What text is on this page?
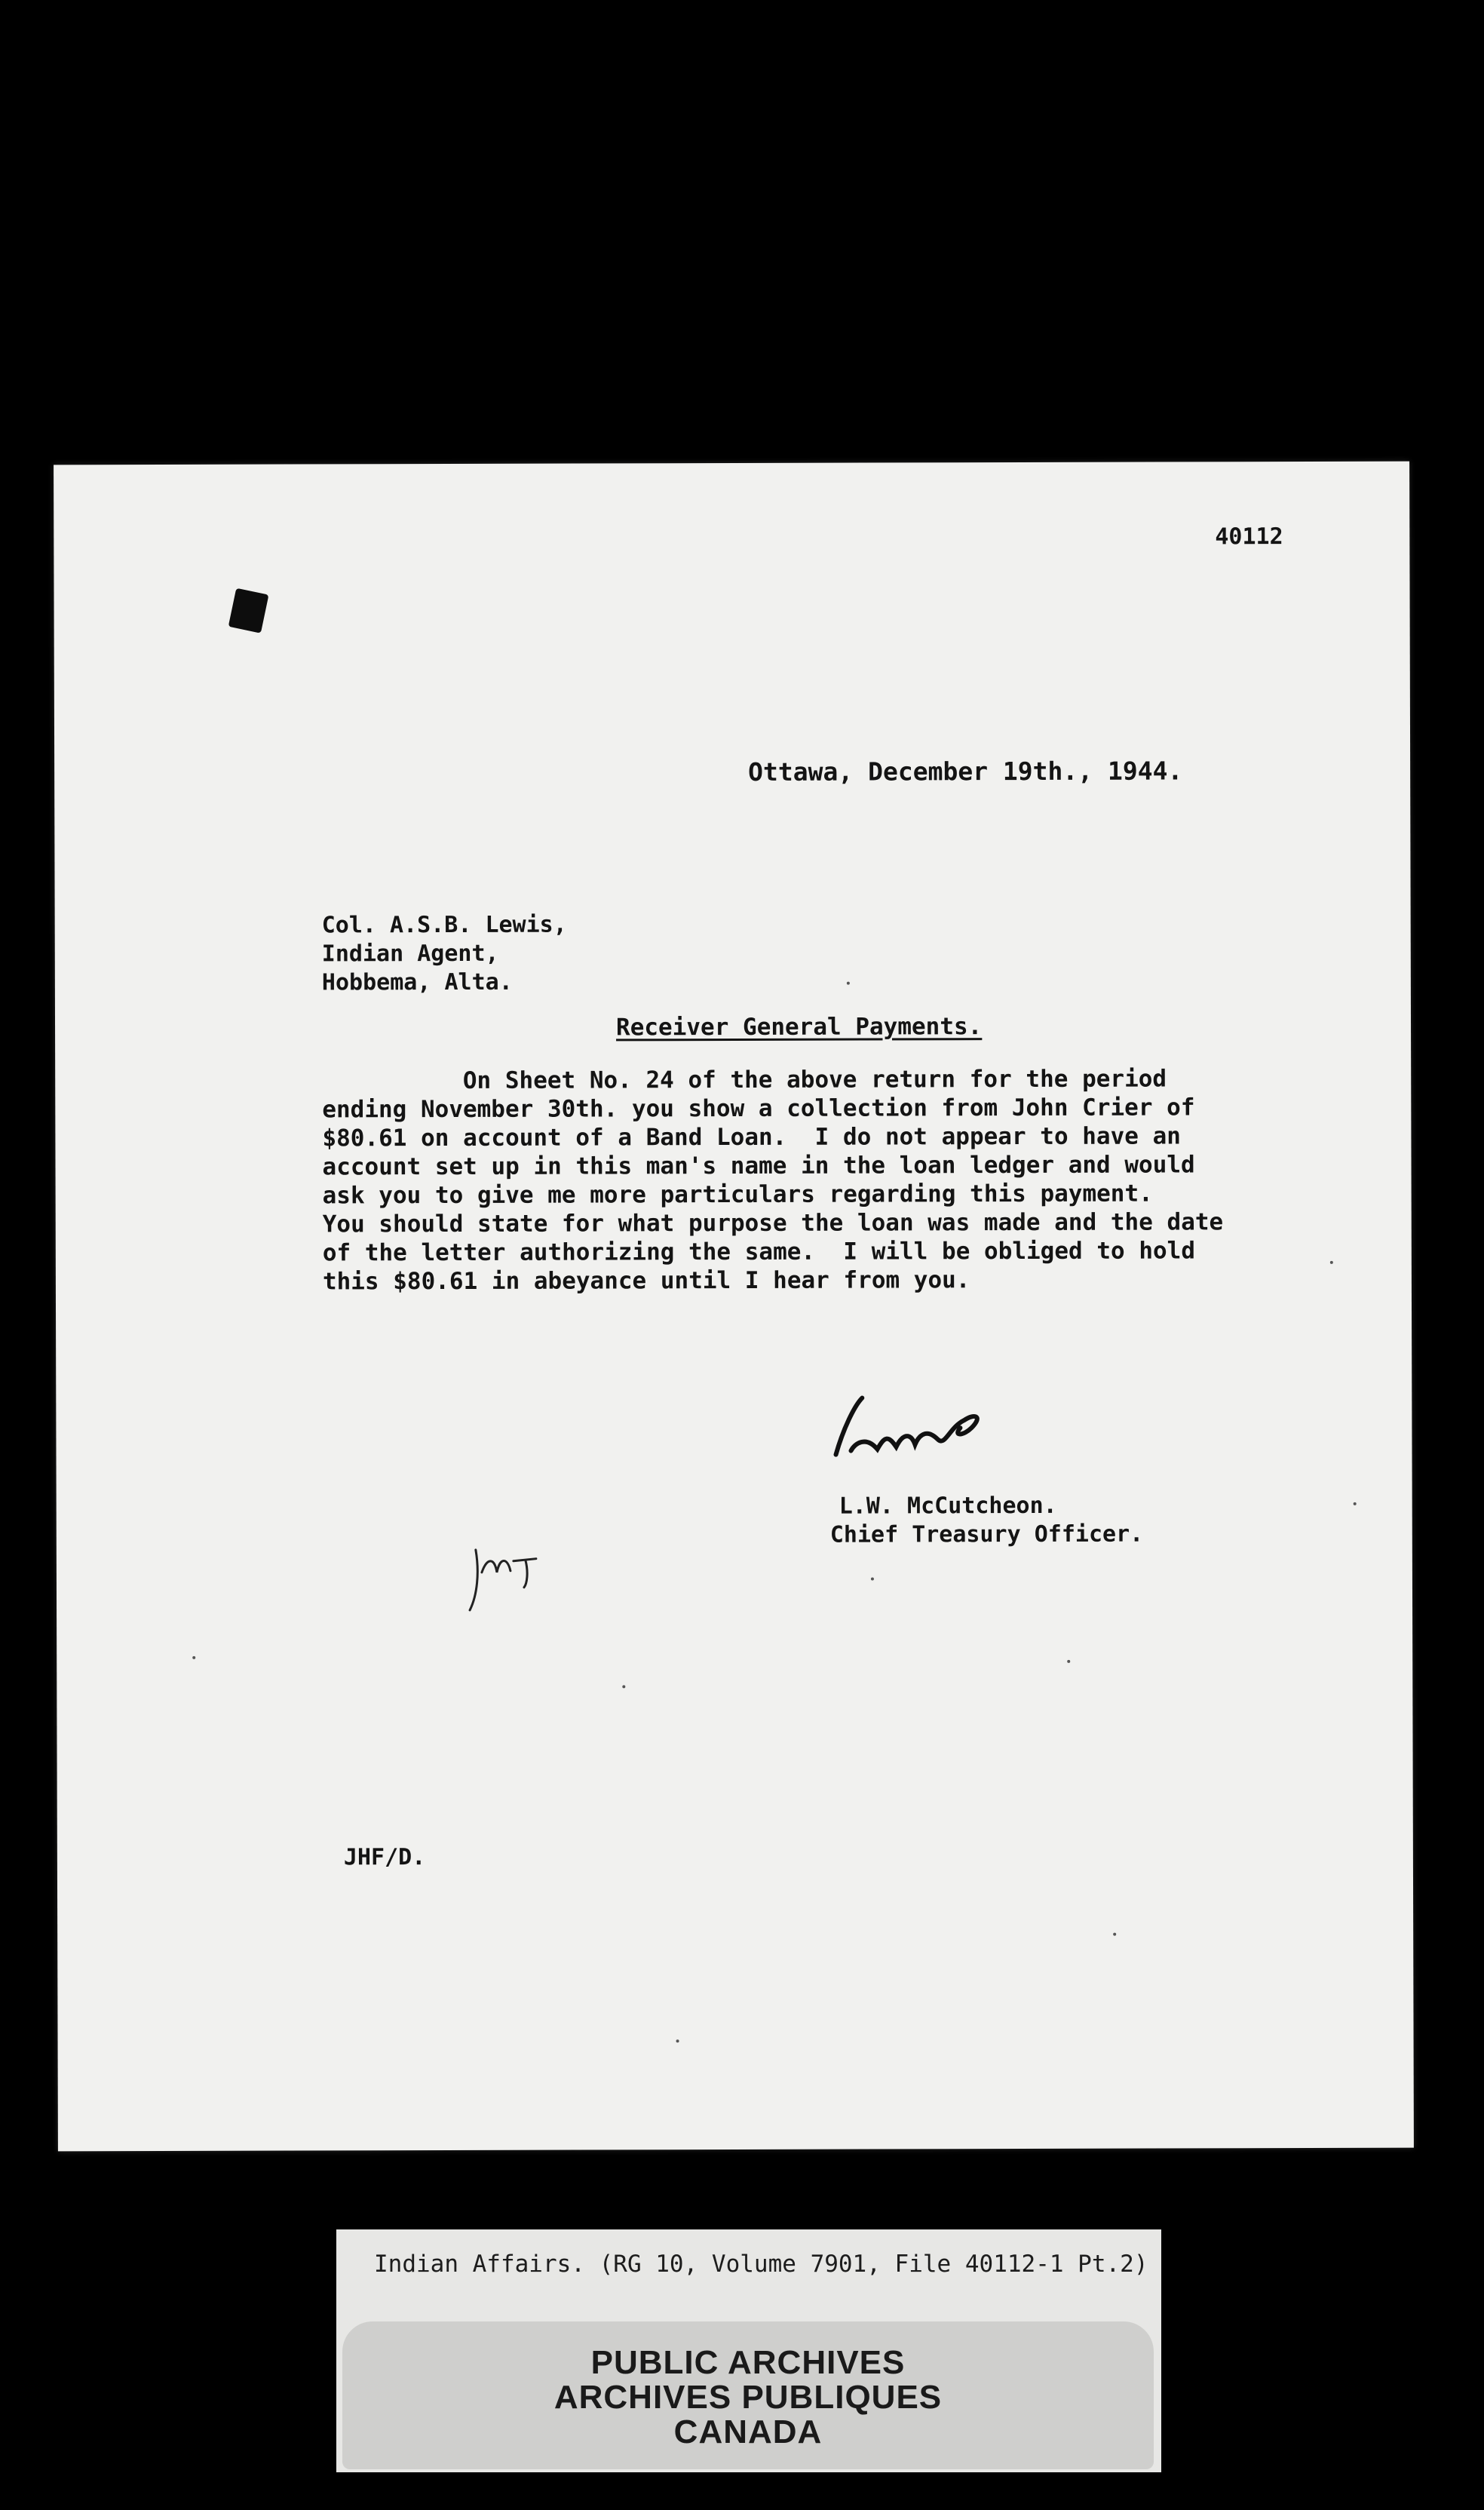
40112
Ottawa, December 19th., 1944.
Col. A.S.B. Lewis,
Indian Agent,
Hobbema, Alta.
Receiver General Payments.
On Sheet No. 24 of the above return for the period
ending November 30th. you show a collection from John Crier of
$80.61 on account of a Band Loan.  I do not appear to have an
account set up in this man's name in the loan ledger and would
ask you to give me more particulars regarding this payment.
You should state for what purpose the loan was made and the date
of the letter authorizing the same.  I will be obliged to hold
this $80.61 in abeyance until I hear from you.
L.W. McCutcheon.
Chief Treasury Officer.
JHF/D.
Indian Affairs. (RG 10, Volume 7901, File 40112-1 Pt.2)
PUBLIC ARCHIVES
ARCHIVES PUBLIQUES
CANADA
